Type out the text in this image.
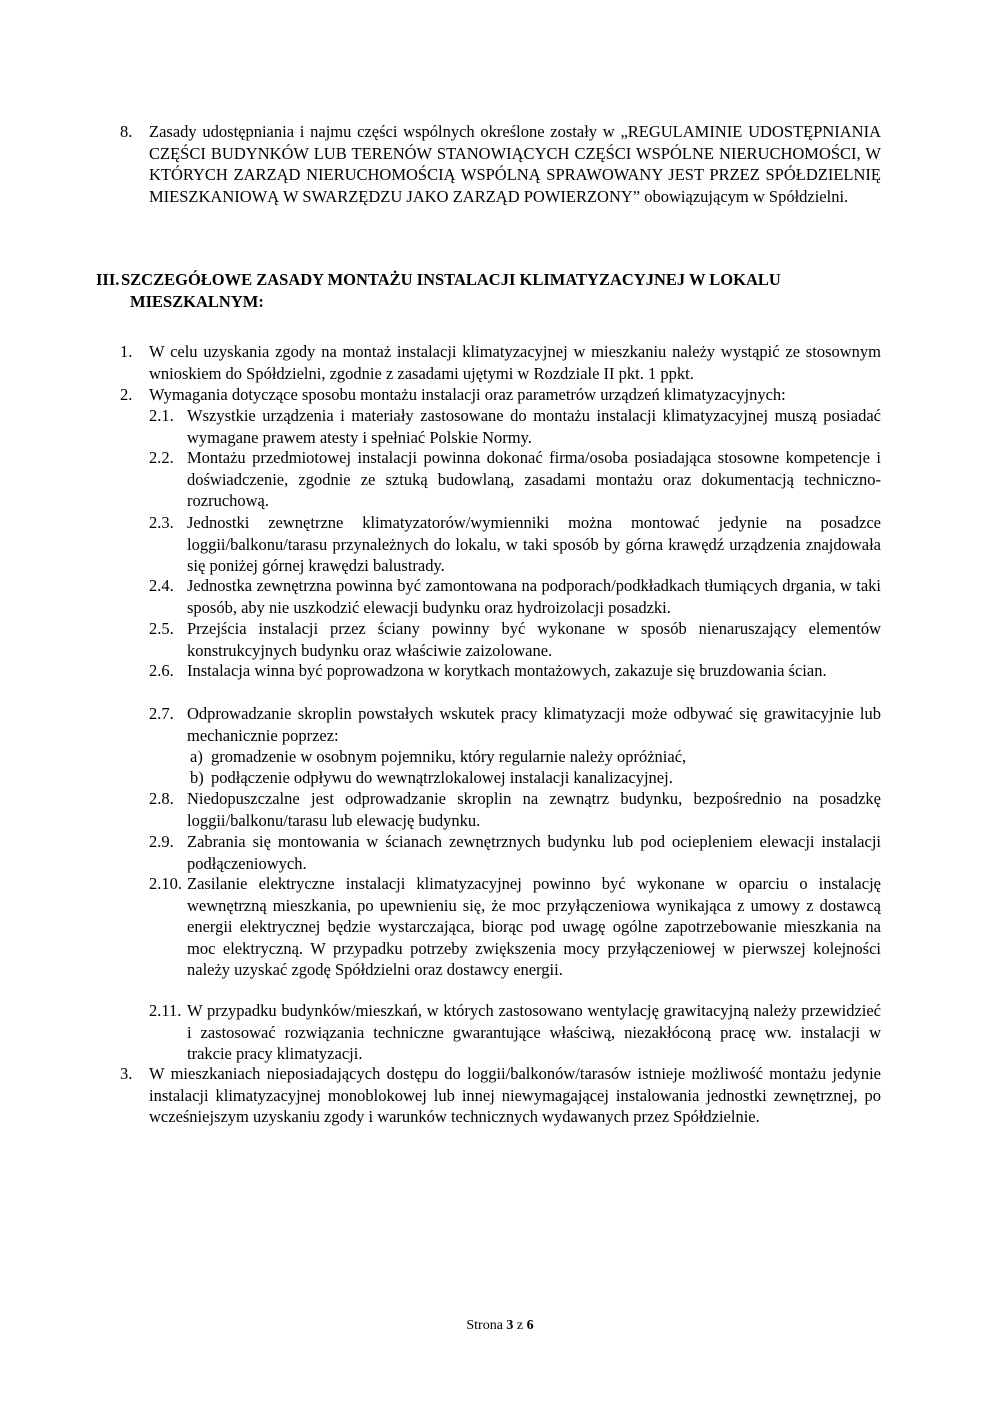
8. Zasady udostępniania i najmu części wspólnych określone zostały w „REGULAMINIE UDOSTĘPNIANIA CZĘŚCI BUDYNKÓW LUB TERENÓW STANOWIĄCYCH CZĘŚCI WSPÓLNE NIERUCHOMOŚCI, W KTÓRYCH ZARZĄD NIERUCHOMOŚCIĄ WSPÓLNĄ SPRAWOWANY JEST PRZEZ SPÓŁDZIELNIĘ MIESZKANIOWĄ W SWARZĘDZU JAKO ZARZĄD POWIERZONY” obowiązującym w Spółdzielni.
III. SZCZEGÓŁOWE ZASADY MONTAŻU INSTALACJI KLIMATYZACYJNEJ W LOKALU MIESZKALNYM:
1. W celu uzyskania zgody na montaż instalacji klimatyzacyjnej w mieszkaniu należy wystąpić ze stosownym wnioskiem do Spółdzielni, zgodnie z zasadami ujętymi w Rozdziale II pkt. 1 ppkt.
2. Wymagania dotyczące sposobu montażu instalacji oraz parametrów urządzeń klimatyzacyjnych:
2.1. Wszystkie urządzenia i materiały zastosowane do montażu instalacji klimatyzacyjnej muszą posiadać wymagane prawem atesty i spełniać Polskie Normy.
2.2. Montażu przedmiotowej instalacji powinna dokonać firma/osoba posiadająca stosowne kompetencje i doświadczenie, zgodnie ze sztuką budowlaną, zasadami montażu oraz dokumentacją techniczno-rozruchową.
2.3. Jednostki zewnętrzne klimatyzatorów/wymienniki można montować jedynie na posadzce loggii/balkonu/tarasu przynależnych do lokalu, w taki sposób by górna krawędź urządzenia znajdowała się poniżej górnej krawędzi balustrady.
2.4. Jednostka zewnętrzna powinna być zamontowana na podporach/podkładkach tłumiących drgania, w taki sposób, aby nie uszkodzić elewacji budynku oraz hydroizolacji posadzki.
2.5. Przejścia instalacji przez ściany powinny być wykonane w sposób nienaruszający elementów konstrukcyjnych budynku oraz właściwie zaizolowane.
2.6. Instalacja winna być poprowadzona w korytkach montażowych, zakazuje się bruzdowania ścian.
2.7. Odprowadzanie skroplin powstałych wskutek pracy klimatyzacji może odbywać się grawitacyjnie lub mechanicznie poprzez:
a) gromadzenie w osobnym pojemniku, który regularnie należy opróżniać,
b) podłączenie odpływu do wewnątrzlokalowej instalacji kanalizacyjnej.
2.8. Niedopuszczalne jest odprowadzanie skroplin na zewnątrz budynku, bezpośrednio na posadzkę loggii/balkonu/tarasu lub elewację budynku.
2.9. Zabrania się montowania w ścianach zewnętrznych budynku lub pod ociepleniem elewacji instalacji podłączeniowych.
2.10. Zasilanie elektryczne instalacji klimatyzacyjnej powinno być wykonane w oparciu o instalację wewnętrzną mieszkania, po upewnieniu się, że moc przyłączeniowa wynikająca z umowy z dostawcą energii elektrycznej będzie wystarczająca, biorąc pod uwagę ogólne zapotrzebowanie mieszkania na moc elektryczną. W przypadku potrzeby zwiększenia mocy przyłączeniowej w pierwszej kolejności należy uzyskać zgodę Spółdzielni oraz dostawcy energii.
2.11. W przypadku budynków/mieszkań, w których zastosowano wentylację grawitacyjną należy przewidzieć i zastosować rozwiązania techniczne gwarantujące właściwą, niezakłóconą pracę ww. instalacji w trakcie pracy klimatyzacji.
3. W mieszkaniach nieposiadających dostępu do loggii/balkonów/tarasów istnieje możliwość montażu jedynie instalacji klimatyzacyjnej monoblokowej lub innej niewymagającej instalowania jednostki zewnętrznej, po wcześniejszym uzyskaniu zgody i warunków technicznych wydawanych przez Spółdzielnie.
Strona 3 z 6
